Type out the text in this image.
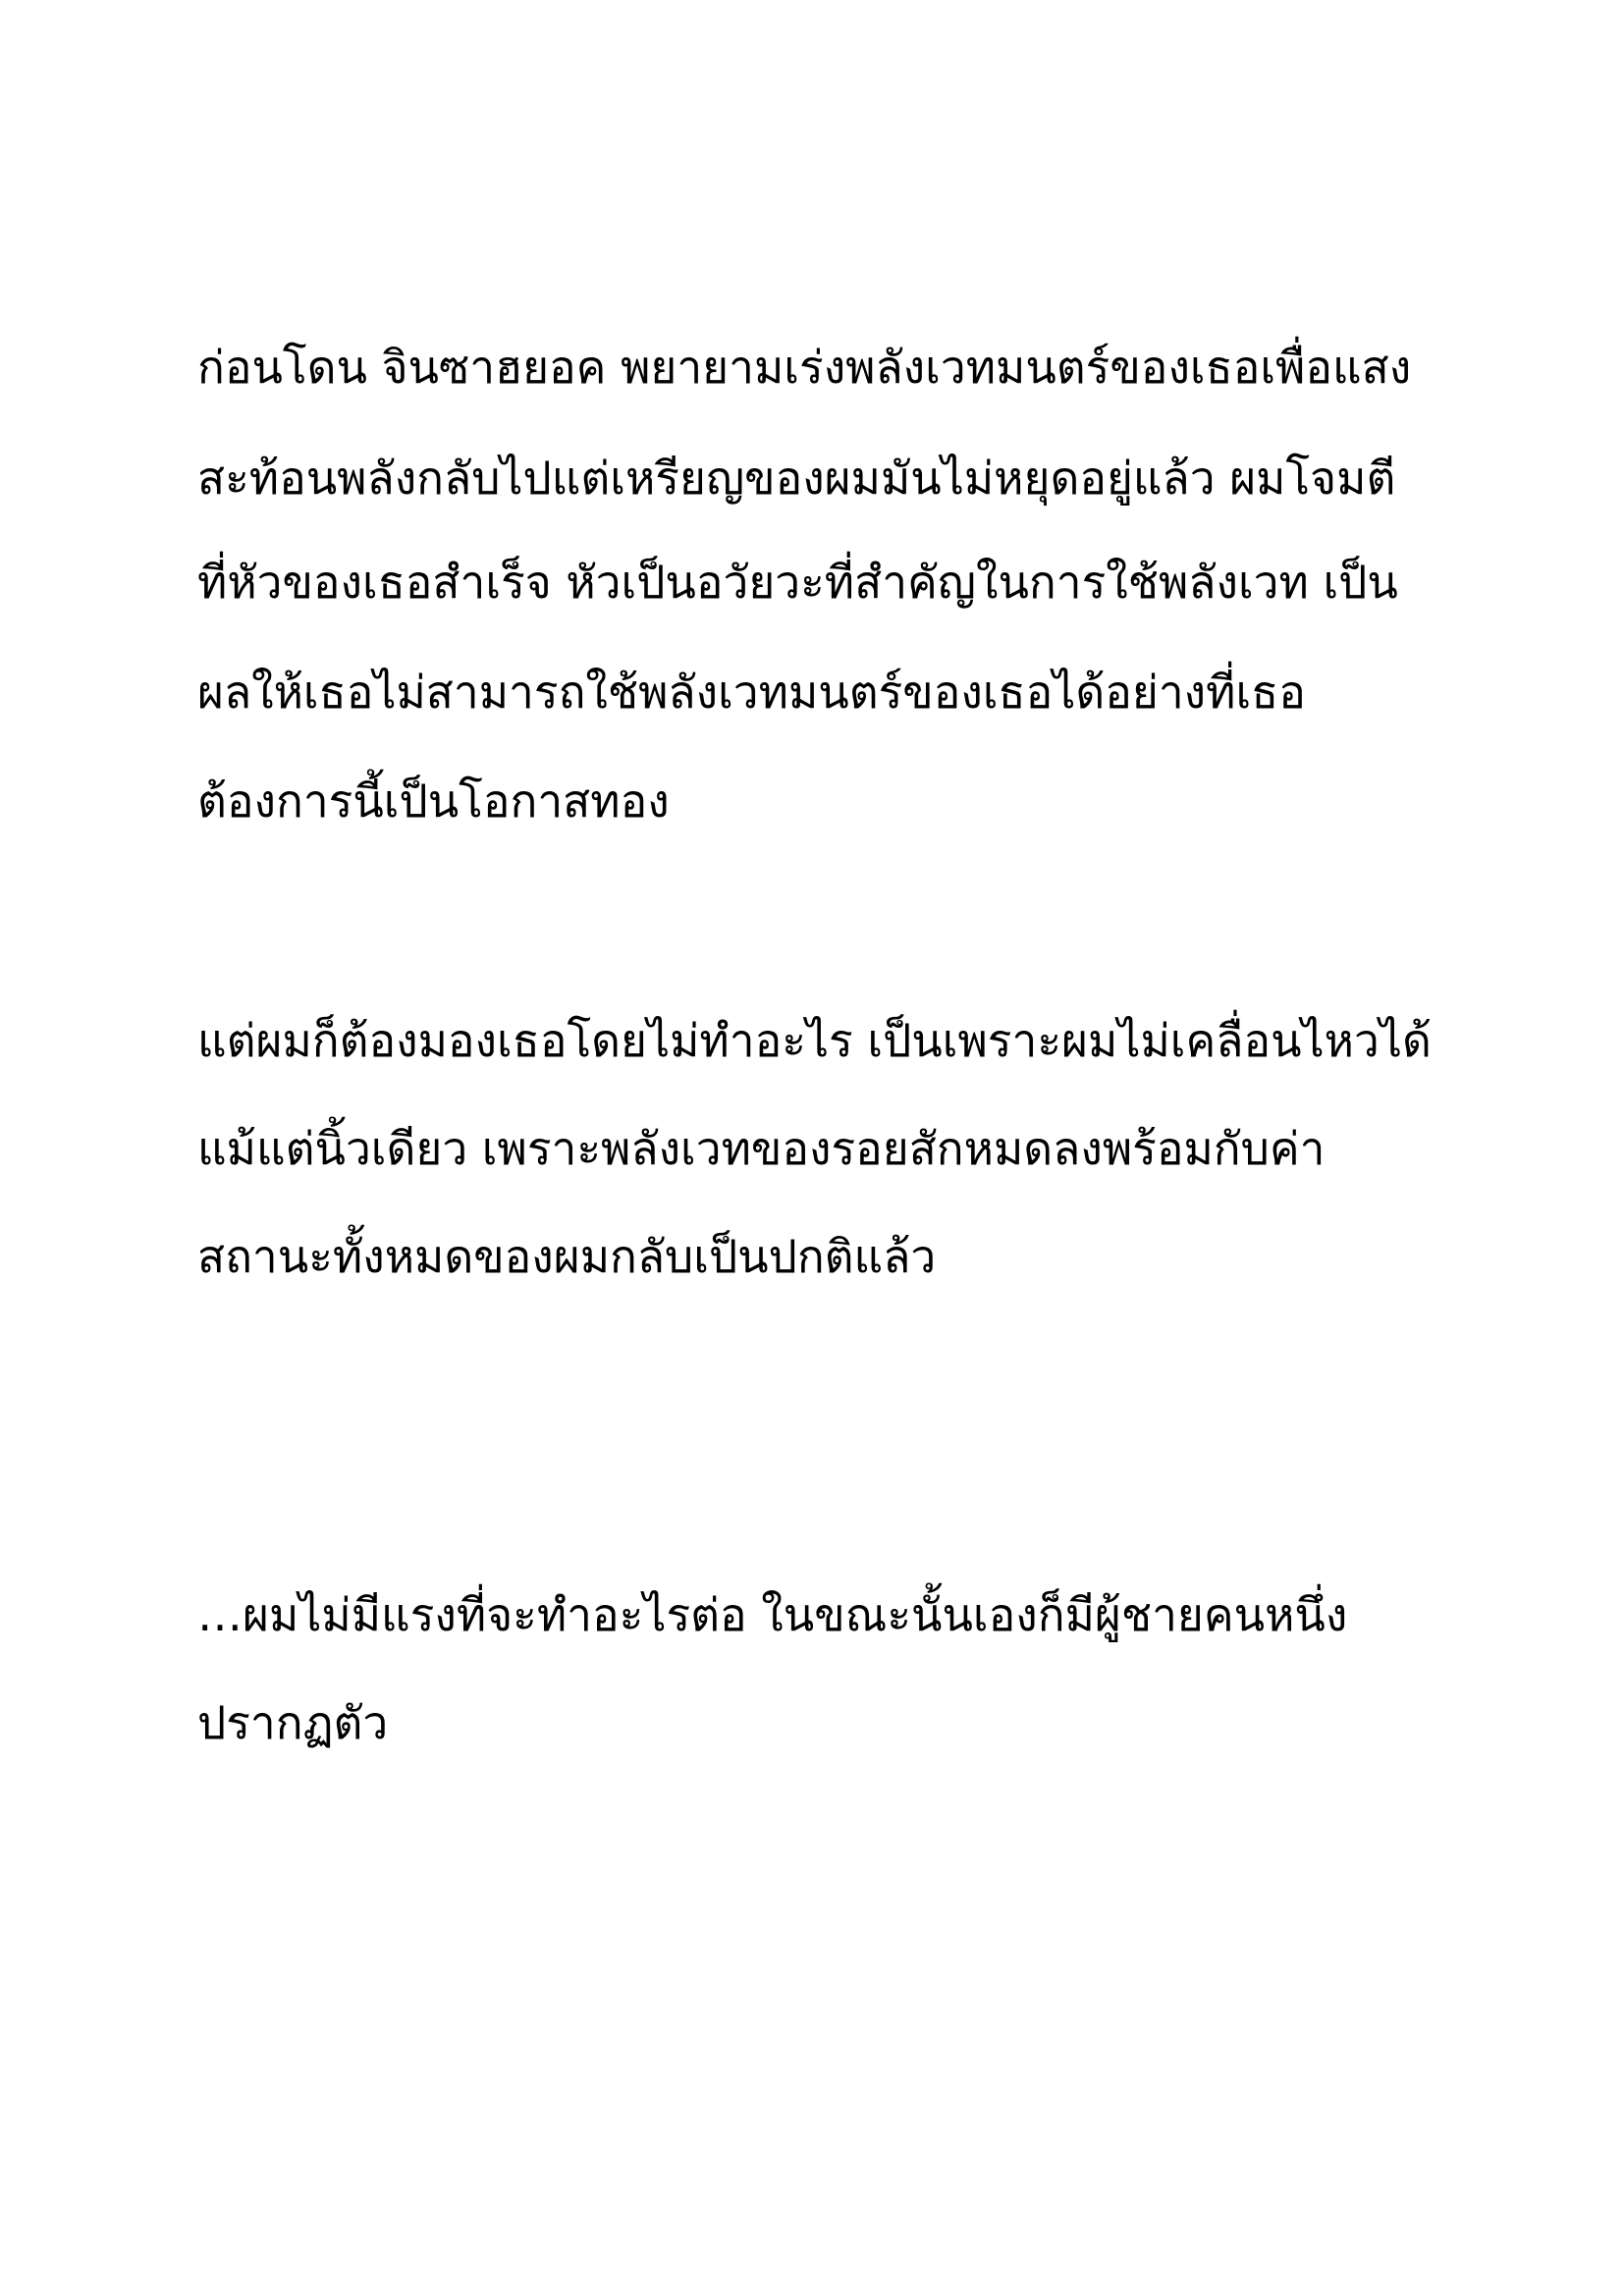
ก่อนโดน จินซาฮยอค พยายามเร่งพลังเวทมนตร์ของเธอเพื่อแสง

สะท้อนพลังกลับไปแต่เหรียญของผมมันไม่หยุดอยู่แล้ว ผมโจมตี

ที่หัวของเธอสำเร็จ หัวเป็นอวัยวะที่สำคัญในการใช้พลังเวท เป็น

ผลให้เธอไม่สามารถใช้พลังเวทมนตร์ของเธอได้อย่างที่เธอ

ต้องการนี้เป็นโอกาสทอง

แต่ผมก็ต้องมองเธอโดยไม่ทำอะไร เป็นเพราะผมไม่เคลื่อนไหวได้

แม้แต่นิ้วเดียว เพราะพลังเวทของรอยสักหมดลงพร้อมกับค่า

สถานะทั้งหมดของผมกลับเป็นปกติแล้ว

…ผมไม่มีแรงที่จะทำอะไรต่อ ในขณะนั้นเองก็มีผู้ชายคนหนึ่ง

ปรากฏตัว
